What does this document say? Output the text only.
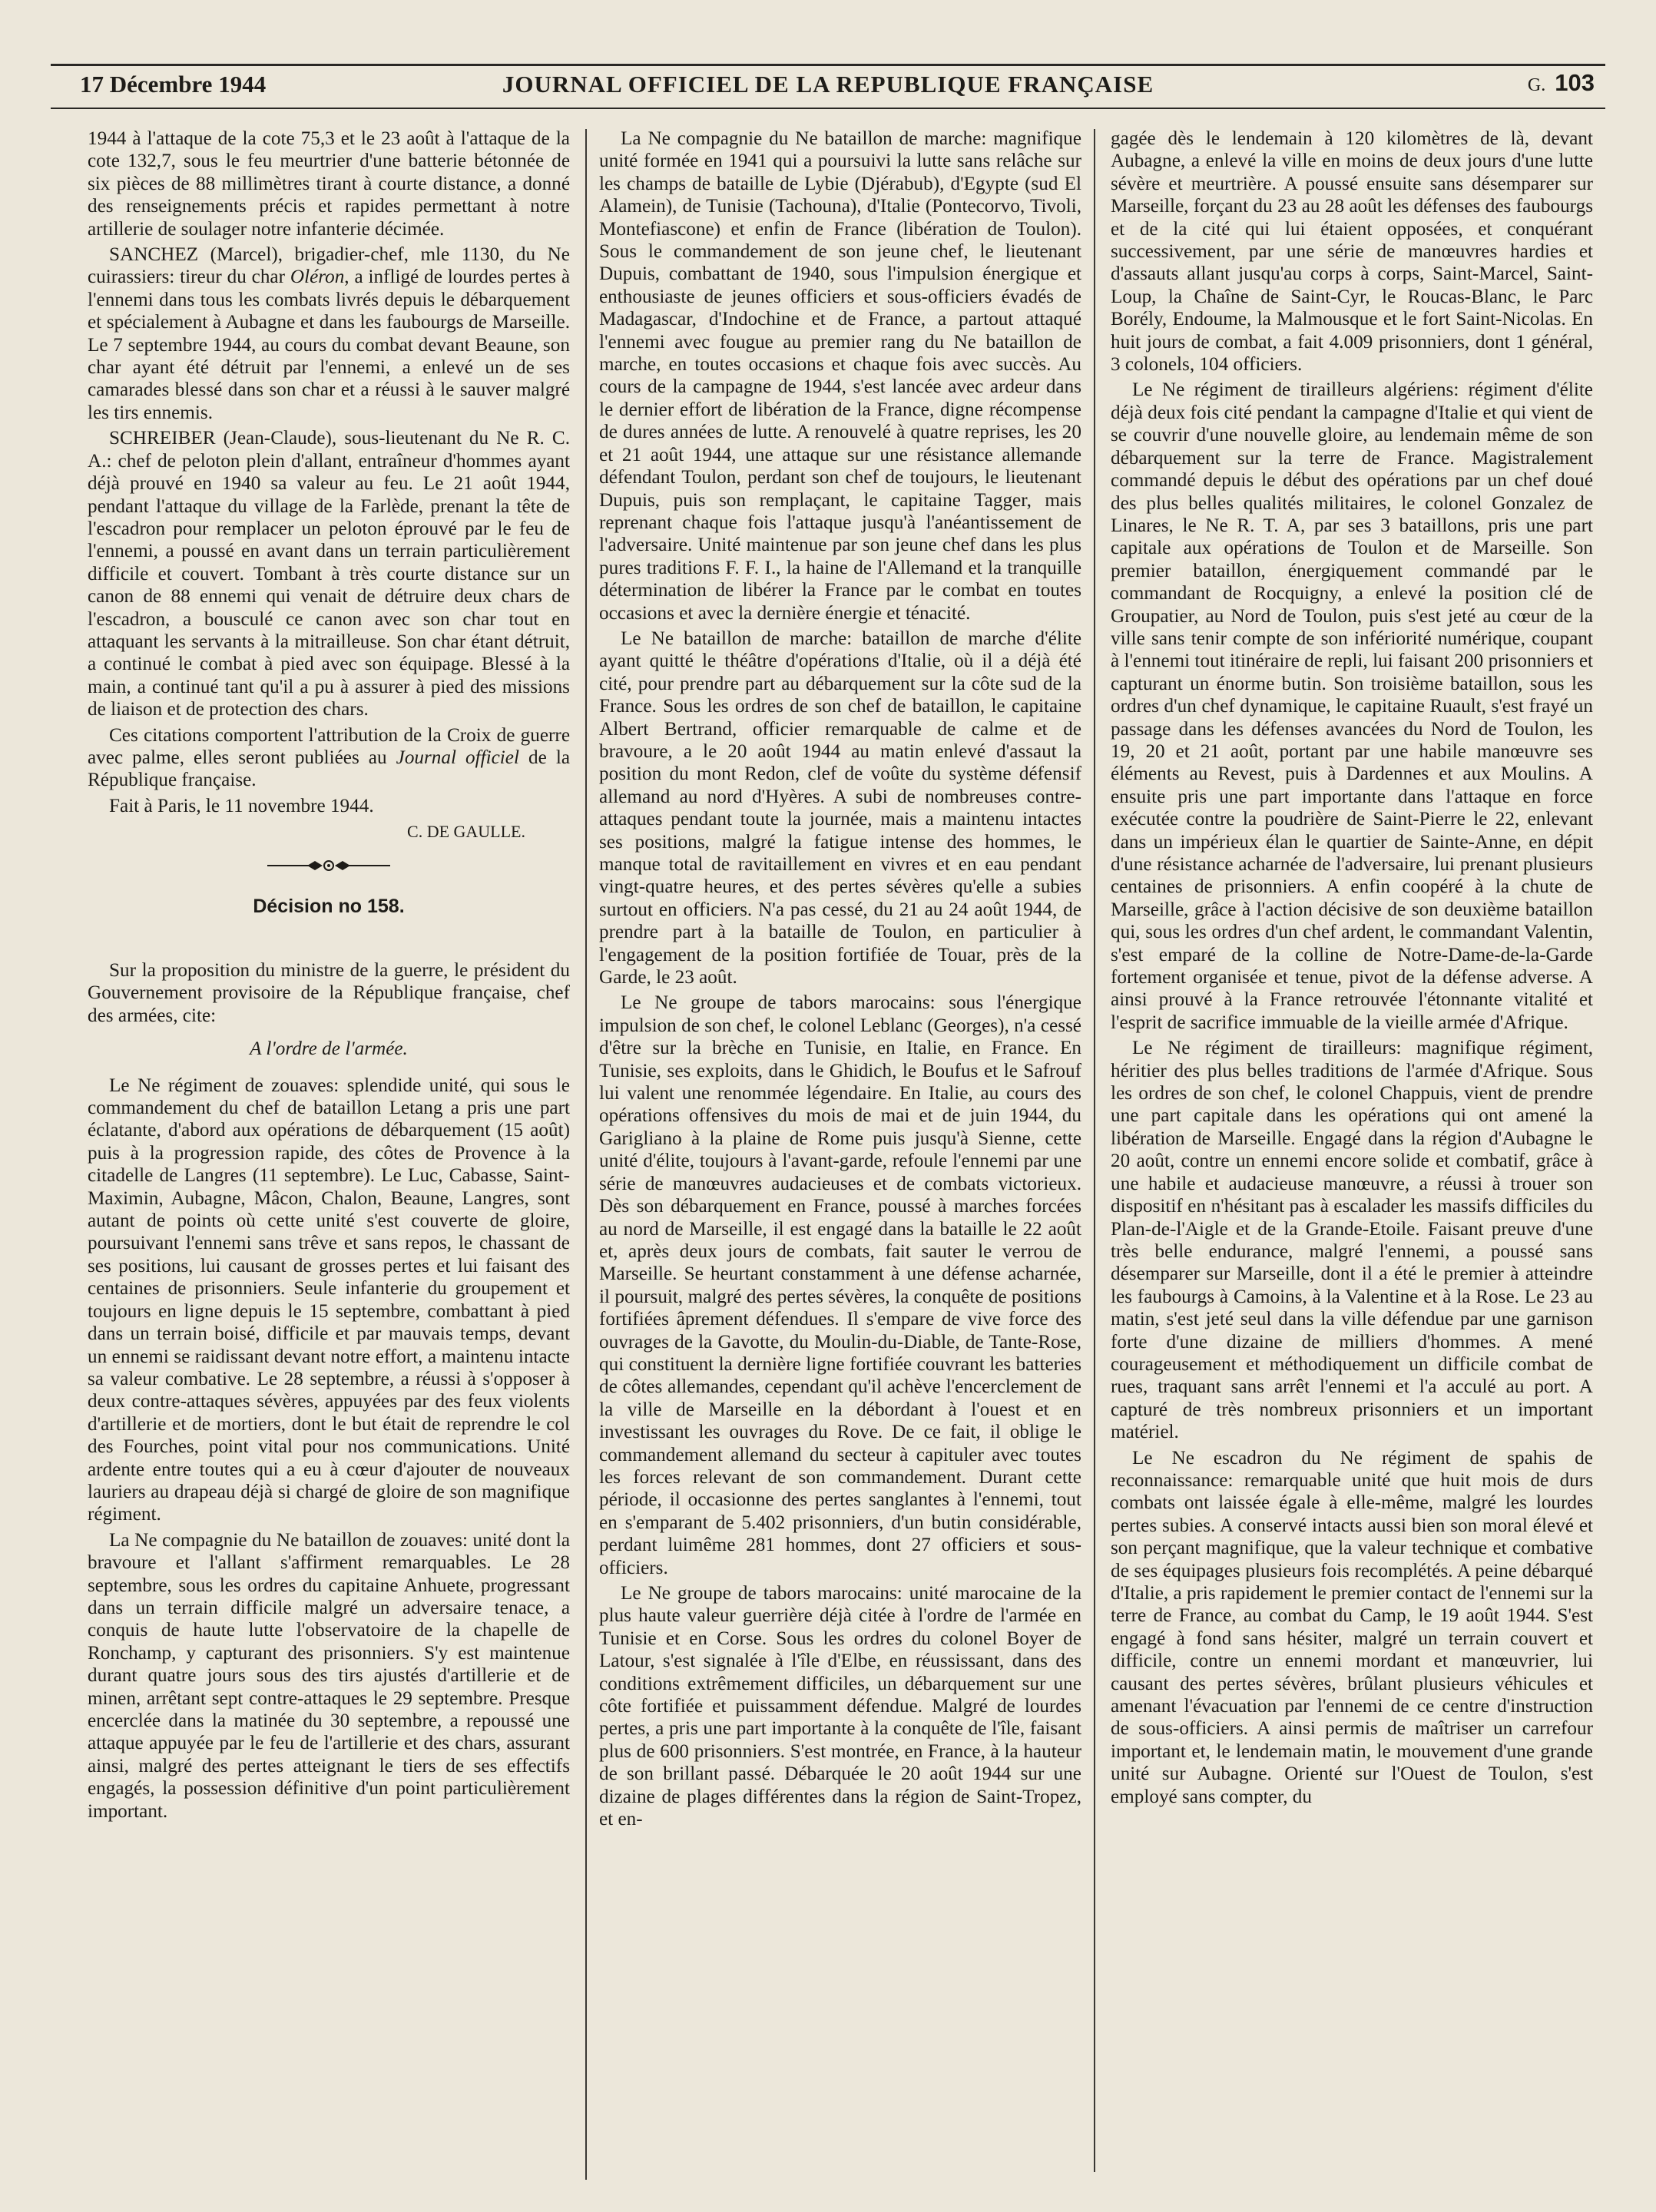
17 Décembre 1944	JOURNAL OFFICIEL DE LA REPUBLIQUE FRANÇAISE	G. 103

1944 à l'attaque de la cote 75,3 et le 23 août à l'attaque de la cote 132,7, sous le feu meurtrier d'une batterie bétonnée de six pièces de 88 millimètres tirant à courte distance, a donné des renseignements précis et rapides permettant à notre artillerie de soulager notre infanterie décimée.

SANCHEZ (Marcel), brigadier-chef, mle 1130, du Ne cuirassiers: tireur du char Oléron, a infligé de lourdes pertes à l'ennemi dans tous les combats livrés depuis le débarquement et spécialement à Aubagne et dans les faubourgs de Marseille. Le 7 septembre 1944, au cours du combat devant Beaune, son char ayant été détruit par l'ennemi, a enlevé un de ses camarades blessé dans son char et a réussi à le sauver malgré les tirs ennemis.

SCHREIBER (Jean-Claude), sous-lieutenant du Ne R. C. A.: chef de peloton plein d'allant, entraîneur d'hommes ayant déjà prouvé en 1940 sa valeur au feu. Le 21 août 1944, pendant l'attaque du village de la Farlède, prenant la tête de l'escadron pour remplacer un peloton éprouvé par le feu de l'ennemi, a poussé en avant dans un terrain particulièrement difficile et couvert. Tombant à très courte distance sur un canon de 88 ennemi qui venait de détruire deux chars de l'escadron, a bousculé ce canon avec son char tout en attaquant les servants à la mitrailleuse. Son char étant détruit, a continué le combat à pied avec son équipage. Blessé à la main, a continué tant qu'il a pu à assurer à pied des missions de liaison et de protection des chars.

Ces citations comportent l'attribution de la Croix de guerre avec palme, elles seront publiées au Journal officiel de la République française.

Fait à Paris, le 11 novembre 1944.

C. DE GAULLE.
Décision no 158.

Sur la proposition du ministre de la guerre, le président du Gouvernement provisoire de la République française, chef des armées, cite:

A l'ordre de l'armée.

Le Ne régiment de zouaves: splendide unité, qui sous le commandement du chef de bataillon Letang a pris une part éclatante, d'abord aux opérations de débarquement (15 août) puis à la progression rapide, des côtes de Provence à la citadelle de Langres (11 septembre). Le Luc, Cabasse, Saint-Maximin, Aubagne, Mâcon, Chalon, Beaune, Langres, sont autant de points où cette unité s'est couverte de gloire, poursuivant l'ennemi sans trêve et sans repos, le chassant de ses positions, lui causant de grosses pertes et lui faisant des centaines de prisonniers. Seule infanterie du groupement et toujours en ligne depuis le 15 septembre, combattant à pied dans un terrain boisé, difficile et par mauvais temps, devant un ennemi se raidissant devant notre effort, a maintenu intacte sa valeur combative. Le 28 septembre, a réussi à s'opposer à deux contre-attaques sévères, appuyées par des feux violents d'artillerie et de mortiers, dont le but était de reprendre le col des Fourches, point vital pour nos communications. Unité ardente entre toutes qui a eu à cœur d'ajouter de nouveaux lauriers au drapeau déjà si chargé de gloire de son magnifique régiment.

La Ne compagnie du Ne bataillon de zouaves: unité dont la bravoure et l'allant s'affirment remarquables. Le 28 septembre, sous les ordres du capitaine Anhuete, progressant dans un terrain difficile malgré un adversaire tenace, a conquis de haute lutte l'observatoire de la chapelle de Ronchamp, y capturant des prisonniers. S'y est maintenue durant quatre jours sous des tirs ajustés d'artillerie et de minen, arrêtant sept contre-attaques le 29 septembre. Presque encerclée dans la matinée du 30 septembre, a repoussé une attaque appuyée par le feu de l'artillerie et des chars, assurant ainsi, malgré des pertes atteignant le tiers de ses effectifs engagés, la possession définitive d'un point particulièrement important.

La Ne compagnie du Ne bataillon de marche: magnifique unité formée en 1941 qui a poursuivi la lutte sans relâche sur les champs de bataille de Lybie (Djérabub), d'Egypte (sud El Alamein), de Tunisie (Tachouna), d'Italie (Pontecorvo, Tivoli, Montefiascone) et enfin de France (libération de Toulon). Sous le commandement de son jeune chef, le lieutenant Dupuis, combattant de 1940, sous l'impulsion énergique et enthousiaste de jeunes officiers et sous-officiers évadés de Madagascar, d'Indochine et de France, a partout attaqué l'ennemi avec fougue au premier rang du Ne bataillon de marche, en toutes occasions et chaque fois avec succès. Au cours de la campagne de 1944, s'est lancée avec ardeur dans le dernier effort de libération de la France, digne récompense de dures années de lutte. A renouvelé à quatre reprises, les 20 et 21 août 1944, une attaque sur une résistance allemande défendant Toulon, perdant son chef de toujours, le lieutenant Dupuis, puis son remplaçant, le capitaine Tagger, mais reprenant chaque fois l'attaque jusqu'à l'anéantissement de l'adversaire. Unité maintenue par son jeune chef dans les plus pures traditions F. F. I., la haine de l'Allemand et la tranquille détermination de libérer la France par le combat en toutes occasions et avec la dernière énergie et ténacité.

Le Ne bataillon de marche: bataillon de marche d'élite ayant quitté le théâtre d'opérations d'Italie, où il a déjà été cité, pour prendre part au débarquement sur la côte sud de la France. Sous les ordres de son chef de bataillon, le capitaine Albert Bertrand, officier remarquable de calme et de bravoure, a le 20 août 1944 au matin enlevé d'assaut la position du mont Redon, clef de voûte du système défensif allemand au nord d'Hyères. A subi de nombreuses contre-attaques pendant toute la journée, mais a maintenu intactes ses positions, malgré la fatigue intense des hommes, le manque total de ravitaillement en vivres et en eau pendant vingt-quatre heures, et des pertes sévères qu'elle a subies surtout en officiers. N'a pas cessé, du 21 au 24 août 1944, de prendre part à la bataille de Toulon, en particulier à l'engagement de la position fortifiée de Touar, près de la Garde, le 23 août.

Le Ne groupe de tabors marocains: sous l'énergique impulsion de son chef, le colonel Leblanc (Georges), n'a cessé d'être sur la brèche en Tunisie, en Italie, en France. En Tunisie, ses exploits, dans le Ghidich, le Boufus et le Safrouf lui valent une renommée légendaire. En Italie, au cours des opérations offensives du mois de mai et de juin 1944, du Garigliano à la plaine de Rome puis jusqu'à Sienne, cette unité d'élite, toujours à l'avant-garde, refoule l'ennemi par une série de manœuvres audacieuses et de combats victorieux. Dès son débarquement en France, poussé à marches forcées au nord de Marseille, il est engagé dans la bataille le 22 août et, après deux jours de combats, fait sauter le verrou de Marseille. Se heurtant constamment à une défense acharnée, il poursuit, malgré des pertes sévères, la conquête de positions fortifiées âprement défendues. Il s'empare de vive force des ouvrages de la Gavotte, du Moulin-du-Diable, de Tante-Rose, qui constituent la dernière ligne fortifiée couvrant les batteries de côtes allemandes, cependant qu'il achève l'encerclement de la ville de Marseille en la débordant à l'ouest et en investissant les ouvrages du Rove. De ce fait, il oblige le commandement allemand du secteur à capituler avec toutes les forces relevant de son commandement. Durant cette période, il occasionne des pertes sanglantes à l'ennemi, tout en s'emparant de 5.402 prisonniers, d'un butin considérable, perdant luimême 281 hommes, dont 27 officiers et sous-officiers.

Le Ne groupe de tabors marocains: unité marocaine de la plus haute valeur guerrière déjà citée à l'ordre de l'armée en Tunisie et en Corse. Sous les ordres du colonel Boyer de Latour, s'est signalée à l'île d'Elbe, en réussissant, dans des conditions extrêmement difficiles, un débarquement sur une côte fortifiée et puissamment défendue. Malgré de lourdes pertes, a pris une part importante à la conquête de l'île, faisant plus de 600 prisonniers. S'est montrée, en France, à la hauteur de son brillant passé. Débarquée le 20 août 1944 sur une dizaine de plages différentes dans la région de Saint-Tropez, et en-

gagée dès le lendemain à 120 kilomètres de là, devant Aubagne, a enlevé la ville en moins de deux jours d'une lutte sévère et meurtrière. A poussé ensuite sans désemparer sur Marseille, forçant du 23 au 28 août les défenses des faubourgs et de la cité qui lui étaient opposées, et conquérant successivement, par une série de manœuvres hardies et d'assauts allant jusqu'au corps à corps, Saint-Marcel, Saint-Loup, la Chaîne de Saint-Cyr, le Roucas-Blanc, le Parc Borély, Endoume, la Malmousque et le fort Saint-Nicolas. En huit jours de combat, a fait 4.009 prisonniers, dont 1 général, 3 colonels, 104 officiers.

Le Ne régiment de tirailleurs algériens: régiment d'élite déjà deux fois cité pendant la campagne d'Italie et qui vient de se couvrir d'une nouvelle gloire, au lendemain même de son débarquement sur la terre de France. Magistralement commandé depuis le début des opérations par un chef doué des plus belles qualités militaires, le colonel Gonzalez de Linares, le Ne R. T. A, par ses 3 bataillons, pris une part capitale aux opérations de Toulon et de Marseille. Son premier bataillon, énergiquement commandé par le commandant de Rocquigny, a enlevé la position clé de Groupatier, au Nord de Toulon, puis s'est jeté au cœur de la ville sans tenir compte de son infériorité numérique, coupant à l'ennemi tout itinéraire de repli, lui faisant 200 prisonniers et capturant un énorme butin. Son troisième bataillon, sous les ordres d'un chef dynamique, le capitaine Ruault, s'est frayé un passage dans les défenses avancées du Nord de Toulon, les 19, 20 et 21 août, portant par une habile manœuvre ses éléments au Revest, puis à Dardennes et aux Moulins. A ensuite pris une part importante dans l'attaque en force exécutée contre la poudrière de Saint-Pierre le 22, enlevant dans un impérieux élan le quartier de Sainte-Anne, en dépit d'une résistance acharnée de l'adversaire, lui prenant plusieurs centaines de prisonniers. A enfin coopéré à la chute de Marseille, grâce à l'action décisive de son deuxième bataillon qui, sous les ordres d'un chef ardent, le commandant Valentin, s'est emparé de la colline de Notre-Dame-de-la-Garde fortement organisée et tenue, pivot de la défense adverse. A ainsi prouvé à la France retrouvée l'étonnante vitalité et l'esprit de sacrifice immuable de la vieille armée d'Afrique.

Le Ne régiment de tirailleurs: magnifique régiment, héritier des plus belles traditions de l'armée d'Afrique. Sous les ordres de son chef, le colonel Chappuis, vient de prendre une part capitale dans les opérations qui ont amené la libération de Marseille. Engagé dans la région d'Aubagne le 20 août, contre un ennemi encore solide et combatif, grâce à une habile et audacieuse manœuvre, a réussi à trouer son dispositif en n'hésitant pas à escalader les massifs difficiles du Plan-de-l'Aigle et de la Grande-Etoile. Faisant preuve d'une très belle endurance, malgré l'ennemi, a poussé sans désemparer sur Marseille, dont il a été le premier à atteindre les faubourgs à Camoins, à la Valentine et à la Rose. Le 23 au matin, s'est jeté seul dans la ville défendue par une garnison forte d'une dizaine de milliers d'hommes. A mené courageusement et méthodiquement un difficile combat de rues, traquant sans arrêt l'ennemi et l'a acculé au port. A capturé de très nombreux prisonniers et un important matériel.

Le Ne escadron du Ne régiment de spahis de reconnaissance: remarquable unité que huit mois de durs combats ont laissée égale à elle-même, malgré les lourdes pertes subies. A conservé intacts aussi bien son moral élevé et son perçant magnifique, que la valeur technique et combative de ses équipages plusieurs fois recomplétés. A peine débarqué d'Italie, a pris rapidement le premier contact de l'ennemi sur la terre de France, au combat du Camp, le 19 août 1944. S'est engagé à fond sans hésiter, malgré un terrain couvert et difficile, contre un ennemi mordant et manœuvrier, lui causant des pertes sévères, brûlant plusieurs véhicules et amenant l'évacuation par l'ennemi de ce centre d'instruction de sous-officiers. A ainsi permis de maîtriser un carrefour important et, le lendemain matin, le mouvement d'une grande unité sur Aubagne. Orienté sur l'Ouest de Toulon, s'est employé sans compter, du
